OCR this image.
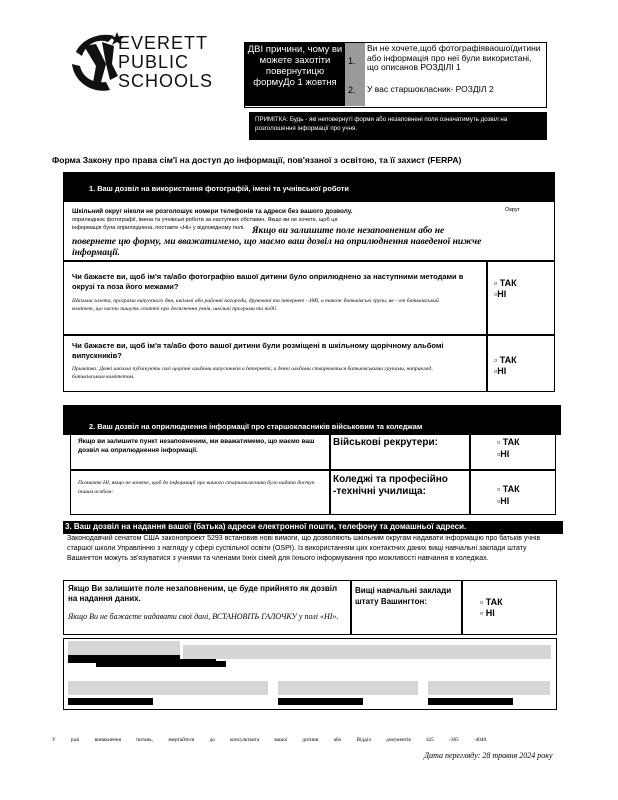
EVERETT
PUBLIC
SCHOOLS
ДВІ причини, чому ви можете захотіти повернутицю формуДо 1 жовтня
1.
2.
Ви не хочете,щоб фотографіяваошоїдитини або інформація про неї були використані, що описанов РОЗДІЛІ 1
У вас старшокласник- РОЗДІЛ 2
ПРИМІТКА: Будь - які неповернуті форми або незаповнені поля означатимуть дозвіл на розголошення інформації про учня.
Форма Закону про права сім'ї на доступ до інформації, пов'язаної з освітою, та її захист (FERPA)
1. Ваш дозвіл на використання фотографій, імені та учнівської роботи
Шкільний округ ніколи не розголошує номери телефонів та адреси без вашого дозволу.	Округ
оприлюднює фотографії, імена та учнівські роботи за наступних обставин. Якщо ви не хочете, щоб ця
інформація була оприлюднена, поставте «Ні» у відповідному полі. Якщо ви залишите поле незаповненим або не повернете цю форму, ми вважатимемо, що маємо ваш дозвіл на оприлюднення наведеної нижче інформації.
Чи бажаєте ви, щоб ім'я та/або фотографію вашої дитини було оприлюднено за наступними методами в окрузі та поза його межами?
Шкільна газета, програма випускного дня, шкільні або районні нагороди, друковані та інтернет - ЗМІ, а також батьківські групи, як - от батьківський комітет, що часто пишуть статті про досягнення учнів, шкільні програми та події.
▫ ТАК
▫НІ
Чи бажаєте ви, щоб ім'я та/або фото вашої дитини були розміщені в шкільному щорічному альбомі випускників?
Примітка: Деякі шкільні публікують свої щорічні альбоми випускників в Інтернеті, а деякі альбоми створюються батьківськими групами, наприклад, батьківським комітетом.
▫ ТАК
▫НІ
2. Ваш дозвіл на оприлюднення інформації про старшокласників військовим та коледжам
Якщо ви залишите пункт незаповненим, ми вважатимемо, що маємо ваш дозвіл на оприлюднення інформації.
Позначте НІ, якщо не хочете, щоб до інформації про вашого старшокласника було надано доступ іншим особам:
Військові рекрутери:
Коледжі та професійно -технічні училища:
▫ ТАК
▫НІ
▫ ТАК
▫НІ
3. Ваш дозвіл на надання вашої (батька) адреси електронної пошти, телефону та домашньої адреси.
Законодавчий сенатом США законопроект 5293 встановив нові вимоги, що дозволяють шкільним округам надавати інформацію про батьків учнів старшої школи Управлінню з нагляду у сфері суспільної освіти (OSPI). Із використанням цих контактних даних вищі навчальні заклади штату Вашингтон можуть зв'язуватися з учнями та членами їхніх сімей для їхнього інформування про можливості навчання в коледжах.
Якщо Ви залишите поле незаповненим, це буде прийнято як дозвіл на надання даних.
Якщо Ви не бажаєте надавати свої дані, ВСТАНОВІТЬ ГАЛОЧКУ у полі «НІ».
Вищі навчальні заклади штату Вашингтон:	▫ ТАК
▫ НІ
У разі виникнення питань, звертайтеся до консультанта вашої дитини або Відділ документів 425 -385 -4040.
Дата перегляду: 28 травня 2024 року
